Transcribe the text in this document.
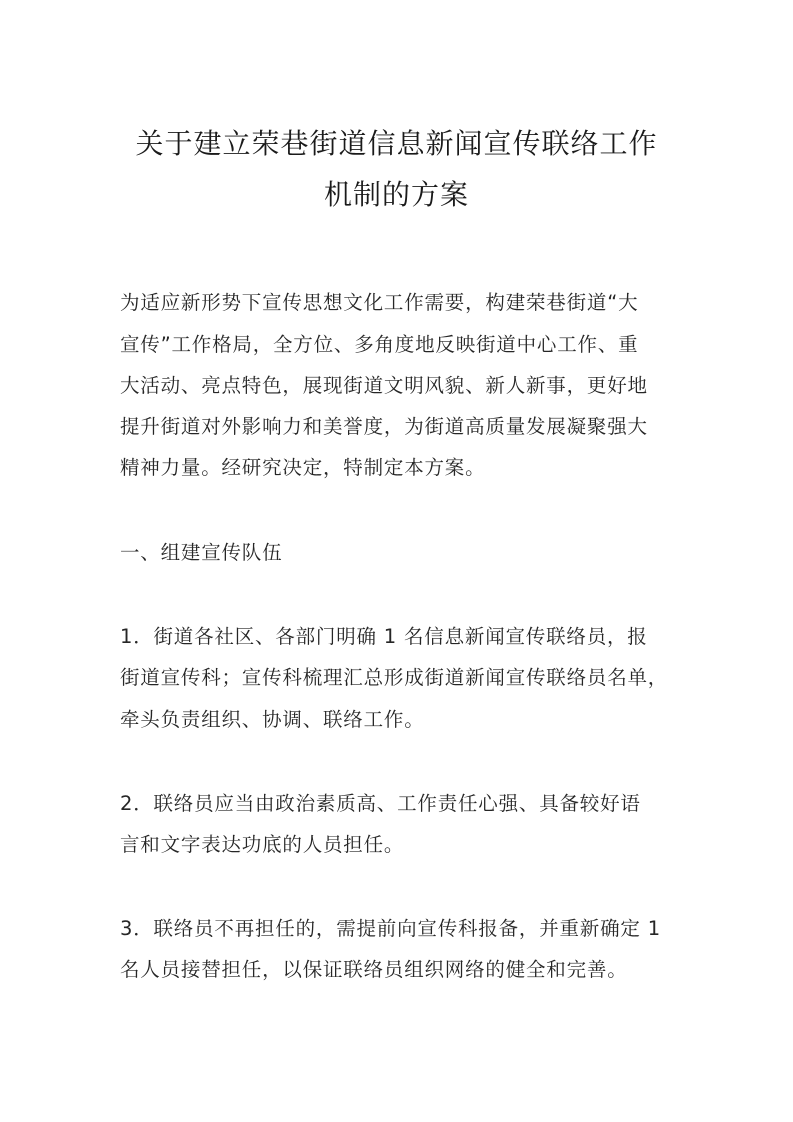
关于建立荣巷街道信息新闻宣传联络工作
机制的方案
为适应新形势下宣传思想文化工作需要，构建荣巷街道“大
宣传”工作格局，全方位、多角度地反映街道中心工作、重
大活动、亮点特色，展现街道文明风貌、新人新事，更好地
提升街道对外影响力和美誉度，为街道高质量发展凝聚强大
精神力量。经研究决定，特制定本方案。
一、组建宣传队伍
1．街道各社区、各部门明确 1 名信息新闻宣传联络员，报
街道宣传科；宣传科梳理汇总形成街道新闻宣传联络员名单，
牵头负责组织、协调、联络工作。
2．联络员应当由政治素质高、工作责任心强、具备较好语
言和文字表达功底的人员担任。
3．联络员不再担任的，需提前向宣传科报备，并重新确定 1
名人员接替担任，以保证联络员组织网络的健全和完善。
